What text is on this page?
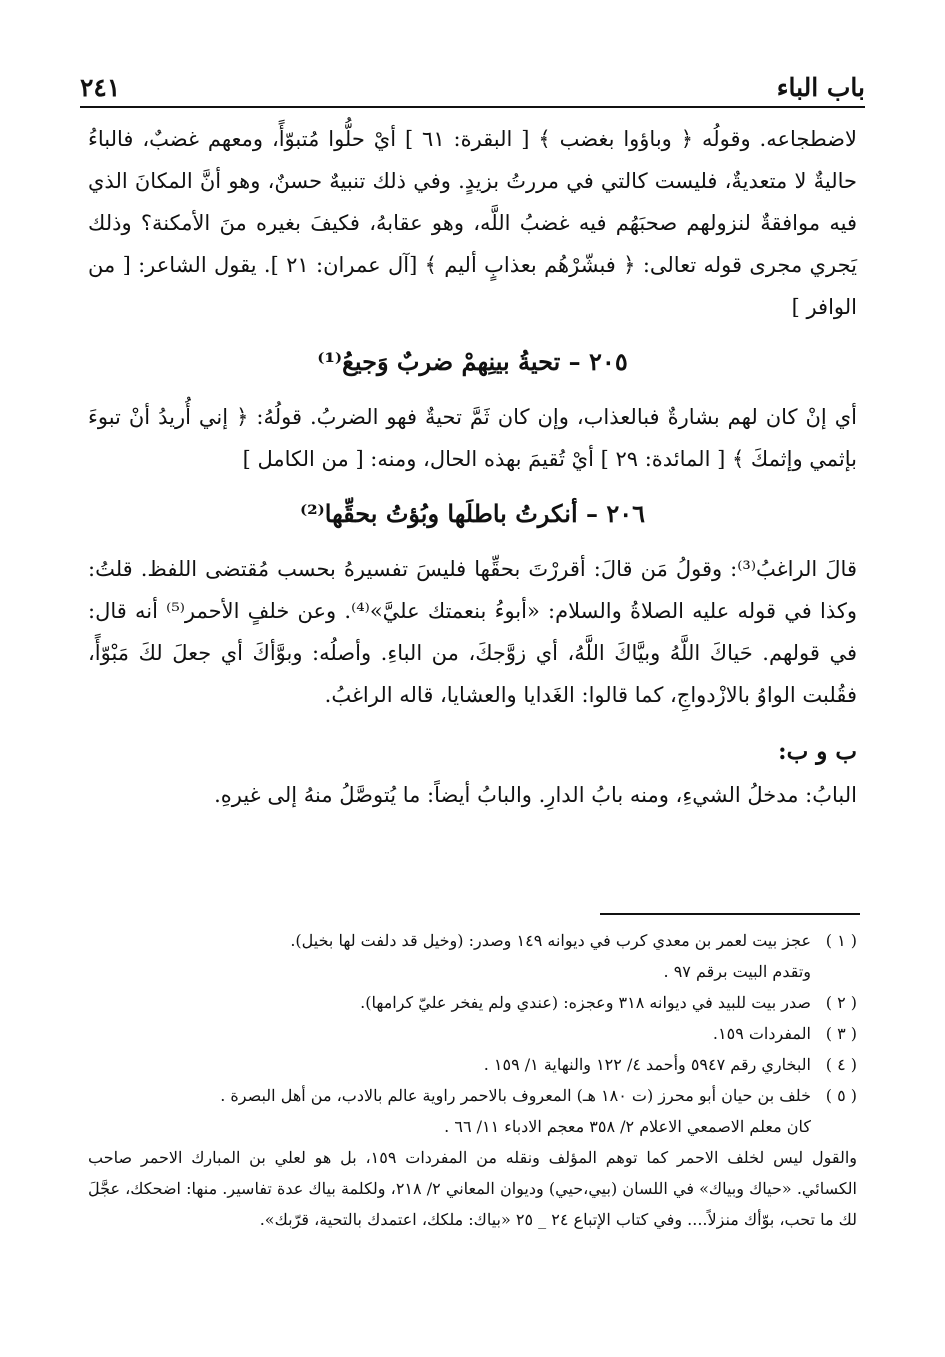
باب الباء
٢٤١

لاضطجاعه. وقولُه ﴿ وباؤوا بغضب ﴾ [ البقرة: ٦١ ] أيْ حلُّوا مُتبوّأً، ومعهم غضبٌ، فالباءُ حاليةٌ لا متعديةٌ، فليست كالتي في مررتُ بزيدٍ. وفي ذلك تنبيهٌ حسنٌ، وهو أنَّ المكانَ الذي فيه موافقةٌ لنزولهم صحبَهُم فيه غضبُ اللَّه، وهو عقابهُ، فكيفَ بغيره منَ الأمكنة؟ وذلك يَجري مجرى قوله تعالى: ﴿ فبشّرْهُم بعذابٍ أليم ﴾ [آل عمران: ٢١ ]. يقول الشاعر: [ من الوافر ]

٢٠٥ – تحيةُ بينِهمْ ضربٌ وَجيعُ⁽¹⁾

أي إنْ كان لهم بشارةٌ فبالعذاب، وإن كان ثَمَّ تحيةٌ فهو الضربُ. قولُهُ: ﴿ إني أُريدُ أنْ تبوءَ بإثمي وإثمكَ ﴾ [ المائدة: ٢٩ ] أيْ تُقيمَ بهذه الحال، ومنه: [ من الكامل ]

٢٠٦ – أنكرتُ باطلَها وبُؤتُ بحقِّها⁽²⁾

قالَ الراغبُ⁽³⁾: وقولُ مَن قالَ: أقررْتَ بحقِّها فليسَ تفسيرهُ بحسب مُقتضى اللفظ. قلتُ: وكذا في قوله عليه الصلاةُ والسلام: «أبوءُ بنعمتك عليَّ»⁽⁴⁾. وعن خلفٍ الأحمر⁽⁵⁾ أنه قال: في قولهم. حَياكَ اللَّهُ وبيَّاكَ اللَّهُ، أي زوَّجكَ، من الباءِ. وأصلُه: وبوَّأكَ أي جعلَ لكَ مَبْوّأً، فقُلبت الواوُ بالازْدواجِ، كما قالوا: الغَدايا والعشايا، قاله الراغبُ.

ب و ب:

البابُ: مدخلُ الشيءِ، ومنه بابُ الدارِ. والبابُ أيضاً: ما يُتوصَّلُ منهُ إلى غيرهِ.

( ١ )عجز بيت لعمر بن معدي كرب في ديوانه ١٤٩ وصدر: (وخيل قد دلفت لها بخيل).

وتقدم البيت برقم ٩٧ .

( ٢ )صدر بيت للبيد في ديوانه ٣١٨ وعجزه: (عندي ولم يفخر عليّ كرامها).

( ٣ )المفردات ١٥٩.

( ٤ )البخاري رقم ٥٩٤٧ وأحمد ٤/ ١٢٢ والنهاية ١/ ١٥٩ .

( ٥ )خلف بن حيان أبو محرز (ت ١٨٠ هـ) المعروف بالاحمر راوية عالم بالادب، من أهل البصرة .

كان معلم الاصمعي الاعلام ٢/ ٣٥٨ معجم الادباء ١١/ ٦٦ .

والقول ليس لخلف الاحمر كما توهم المؤلف ونقله من المفردات ١٥٩، بل هو لعلي بن المبارك الاحمر صاحب الكسائي. «حياك وبياك» في اللسان (بيي،حيي) وديوان المعاني ٢/ ٢١٨، ولكلمة بياك عدة تفاسير. منها: اضحكك، عجَّلَ لك ما تحب، بوّأك منزلاً.... وفي كتاب الإتباع ٢٤ _ ٢٥ «بياك: ملكك، اعتمدك بالتحية، قرّبك».
